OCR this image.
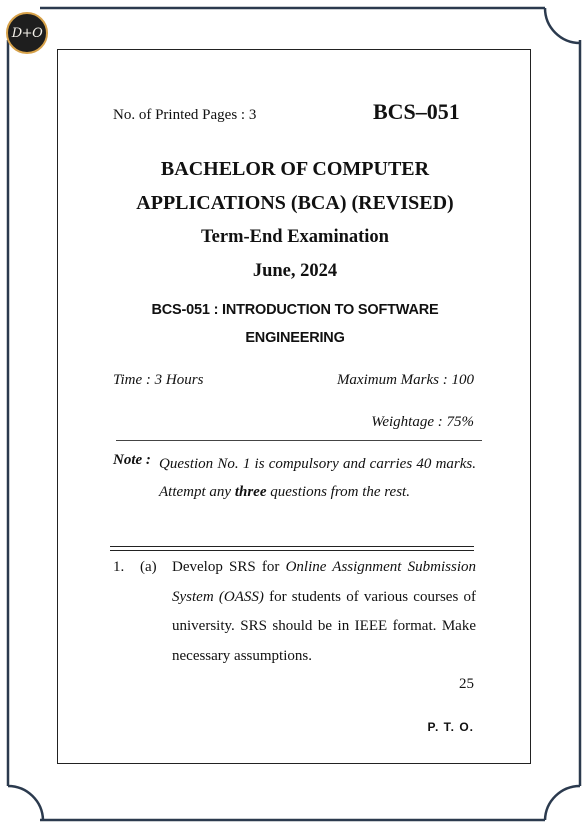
D+O
No. of Printed Pages : 3	BCS–051
BACHELOR OF COMPUTER
APPLICATIONS (BCA) (REVISED)
Term-End Examination
June, 2024
BCS-051 : INTRODUCTION TO SOFTWARE
ENGINEERING
Time : 3 Hours	Maximum Marks : 100
Weightage : 75%
Note : Question No. 1 is compulsory and carries 40 marks. Attempt any three questions from the rest.
1. (a) Develop SRS for Online Assignment Submission System (OASS) for students of various courses of university. SRS should be in IEEE format. Make necessary assumptions.
25
P. T. O.
